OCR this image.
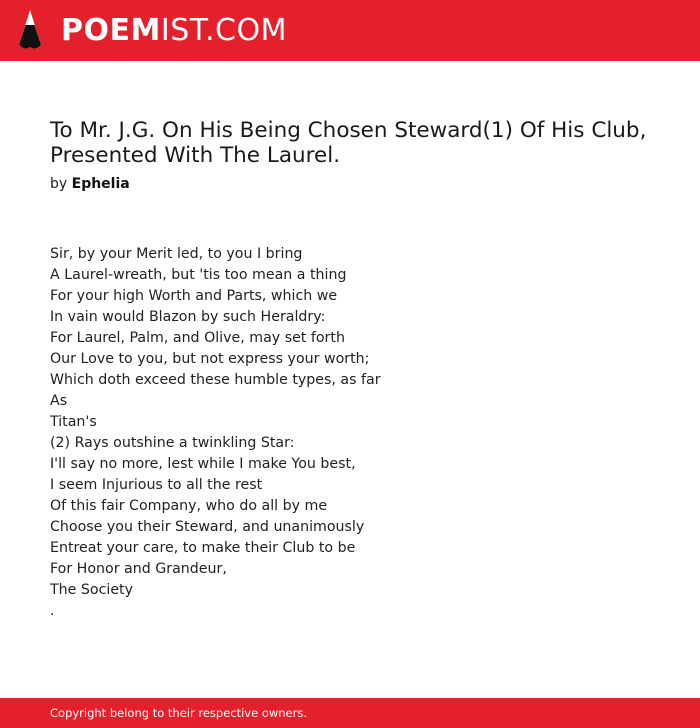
POEMIST.COM
To Mr. J.G. On His Being Chosen Steward(1) Of His Club, Presented With The Laurel.
by Ephelia
Sir, by your Merit led, to you I bring
A Laurel-wreath, but 'tis too mean a thing
For your high Worth and Parts, which we
In vain would Blazon by such Heraldry:
For Laurel, Palm, and Olive, may set forth
Our Love to you, but not express your worth;
Which doth exceed these humble types, as far
As
Titan's
(2) Rays outshine a twinkling Star:
I'll say no more, lest while I make You best,
I seem Injurious to all the rest
Of this fair Company, who do all by me
Choose you their Steward, and unanimously
Entreat your care, to make their Club to be
For Honor and Grandeur,
The Society
.
Copyright belong to their respective owners.
